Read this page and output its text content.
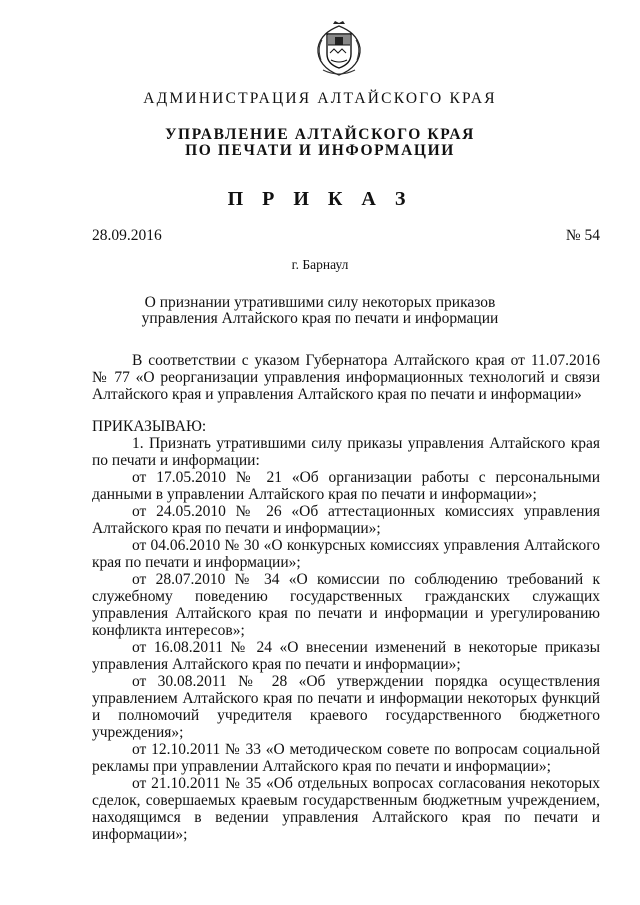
АДМИНИСТРАЦИЯ АЛТАЙСКОГО КРАЯ
УПРАВЛЕНИЕ АЛТАЙСКОГО КРАЯ
ПО ПЕЧАТИ И ИНФОРМАЦИИ
П Р И К А З
28.09.2016	№ 54
г. Барнаул
О признании утратившими силу некоторых приказов
управления Алтайского края по печати и информации

В соответствии с указом Губернатора Алтайского края от 11.07.2016 № 77 «О реорганизации управления информационных технологий и связи Алтайского края и управления Алтайского края по печати и информации»

ПРИКАЗЫВАЮ:

1. Признать утратившими силу приказы управления Алтайского края по печати и информации:

от 17.05.2010 № 21 «Об организации работы с персональными данными в управлении Алтайского края по печати и информации»;

от 24.05.2010 № 26 «Об аттестационных комиссиях управления Алтайского края по печати и информации»;

от 04.06.2010 № 30 «О конкурсных комиссиях управления Алтайского края по печати и информации»;

от 28.07.2010 № 34 «О комиссии по соблюдению требований к служебному поведению государственных гражданских служащих управления Алтайского края по печати и информации и урегулированию конфликта интересов»;

от 16.08.2011 № 24 «О внесении изменений в некоторые приказы управления Алтайского края по печати и информации»;

от 30.08.2011 № 28 «Об утверждении порядка осуществления управлением Алтайского края по печати и информации некоторых функций и полномочий учредителя краевого государственного бюджетного учреждения»;

от 12.10.2011 № 33 «О методическом совете по вопросам социальной рекламы при управлении Алтайского края по печати и информации»;

от 21.10.2011 № 35 «Об отдельных вопросах согласования некоторых сделок, совершаемых краевым государственным бюджетным учреждением, находящимся в ведении управления Алтайского края по печати и информации»;
